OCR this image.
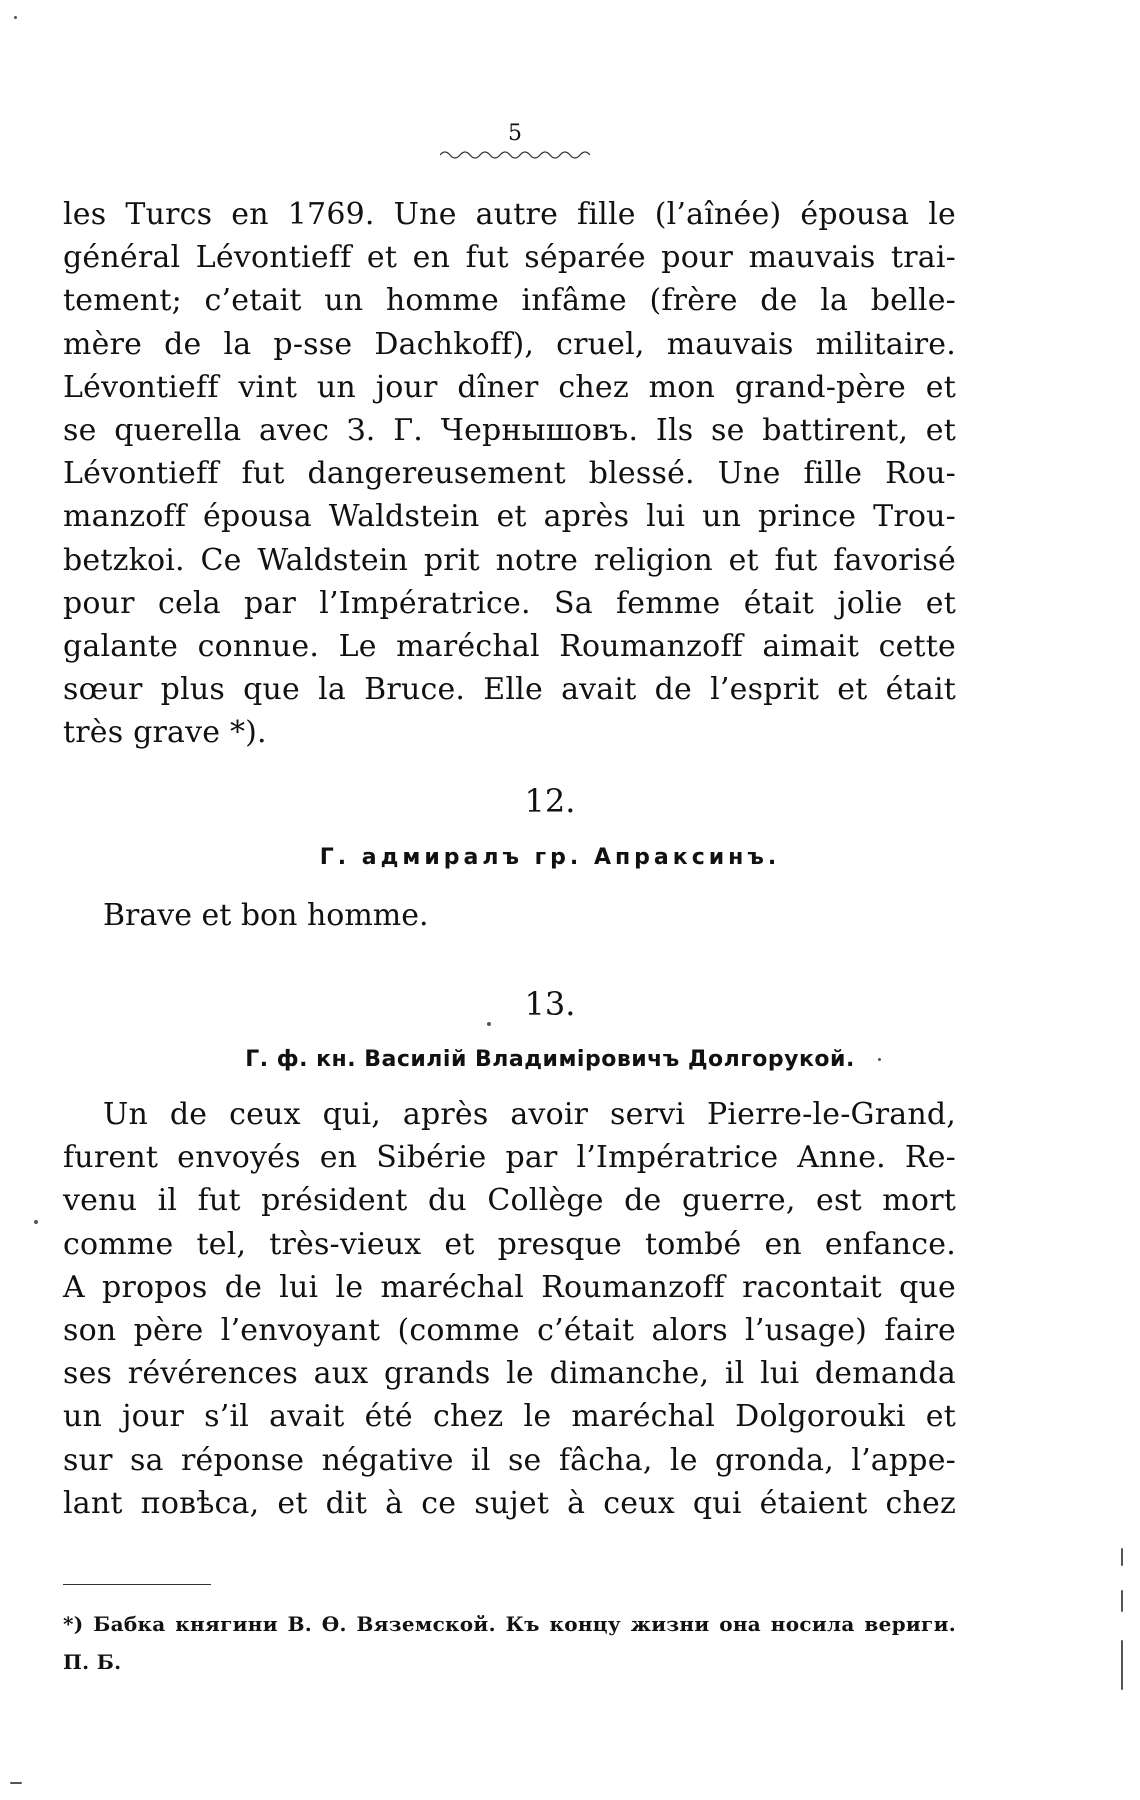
5
les Turcs en 1769. Une autre fille (l’aînée) épousa le
général Lévontieff et en fut séparée pour mauvais trai-
tement; c’etait un homme infâme (frère de la belle-
mère de la p-sse Dachkoff), cruel, mauvais militaire.
Lévontieff vint un jour dîner chez mon grand-père et
se querella avec З. Г. Чернышовъ. Ils se battirent, et
Lévontieff fut dangereusement blessé. Une fille Rou-
manzoff épousa Waldstein et après lui un prince Trou-
betzkoi. Ce Waldstein prit notre religion et fut favorisé
pour cela par l’Impératrice. Sa femme était jolie et
galante connue. Le maréchal Roumanzoff aimait cette
sœur plus que la Bruce. Elle avait de l’esprit et était
très grave *).
12.
Г. адмиралъ гр. Апраксинъ.
Brave et bon homme.
13.
Г. ф. кн. Василій Владиміровичъ Долгорукой.
Un de ceux qui, après avoir servi Pierre-le-Grand,
furent envoyés en Sibérie par l’Impératrice Anne. Re-
venu il fut président du Collège de guerre, est mort
comme tel, très-vieux et presque tombé en enfance.
A propos de lui le maréchal Roumanzoff racontait que
son père l’envoyant (comme c’était alors l’usage) faire
ses révérences aux grands le dimanche, il lui demanda
un jour s’il avait été chez le maréchal Dolgorouki et
sur sa réponse négative il se fâcha, le gronda, l’appe-
lant повѣса, et dit à ce sujet à ceux qui étaient chez
*) Бабка княгини В. Ѳ. Вяземской. Къ концу жизни она носила вериги. П. Б.
